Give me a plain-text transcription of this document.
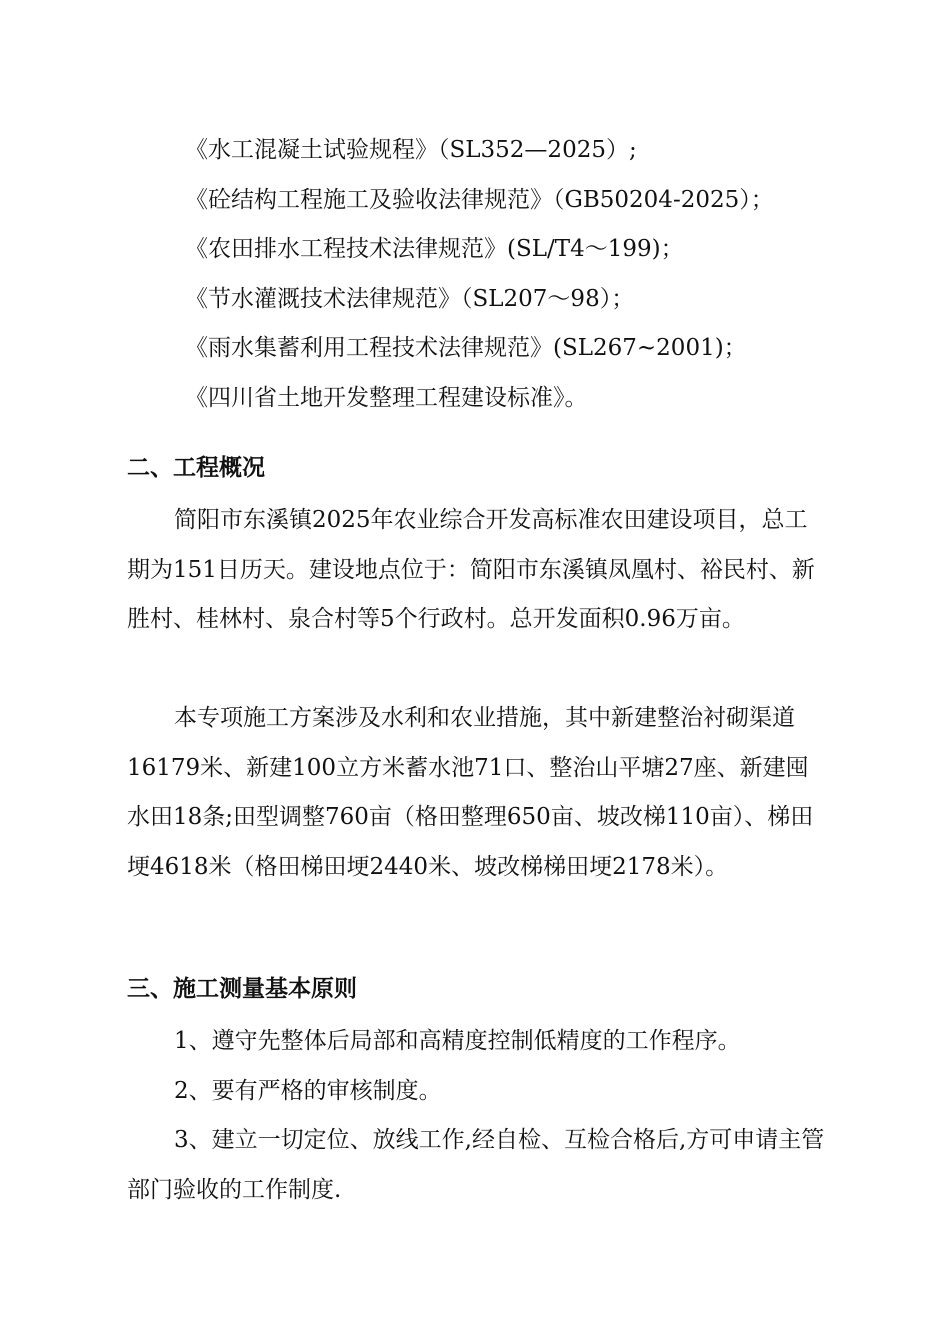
《水工混凝土试验规程》（SL352—2025）;
《砼结构工程施工及验收法律规范》（GB50204-2025）；
《农田排水工程技术法律规范》(SL/T4～199)；
《节水灌溉技术法律规范》（SL207～98）；
《雨水集蓄利用工程技术法律规范》(SL267~2001)；
《四川省土地开发整理工程建设标准》。
二、工程概况

简阳市东溪镇2025年农业综合开发高标准农田建设项目，总工期为151日历天。建设地点位于：简阳市东溪镇凤凰村、裕民村、新胜村、桂林村、泉合村等5个行政村。总开发面积0.96万亩。

本专项施工方案涉及水利和农业措施，其中新建整治衬砌渠道16179米、新建100立方米蓄水池71口、整治山平塘27座、新建囤水田18条;田型调整760亩（格田整理650亩、坡改梯110亩）、梯田埂4618米（格田梯田埂2440米、坡改梯梯田埂2178米）。

三、施工测量基本原则

1、遵守先整体后局部和高精度控制低精度的工作程序。

2、要有严格的审核制度。

3、建立一切定位、放线工作,经自检、互检合格后,方可申请主管部门验收的工作制度.
